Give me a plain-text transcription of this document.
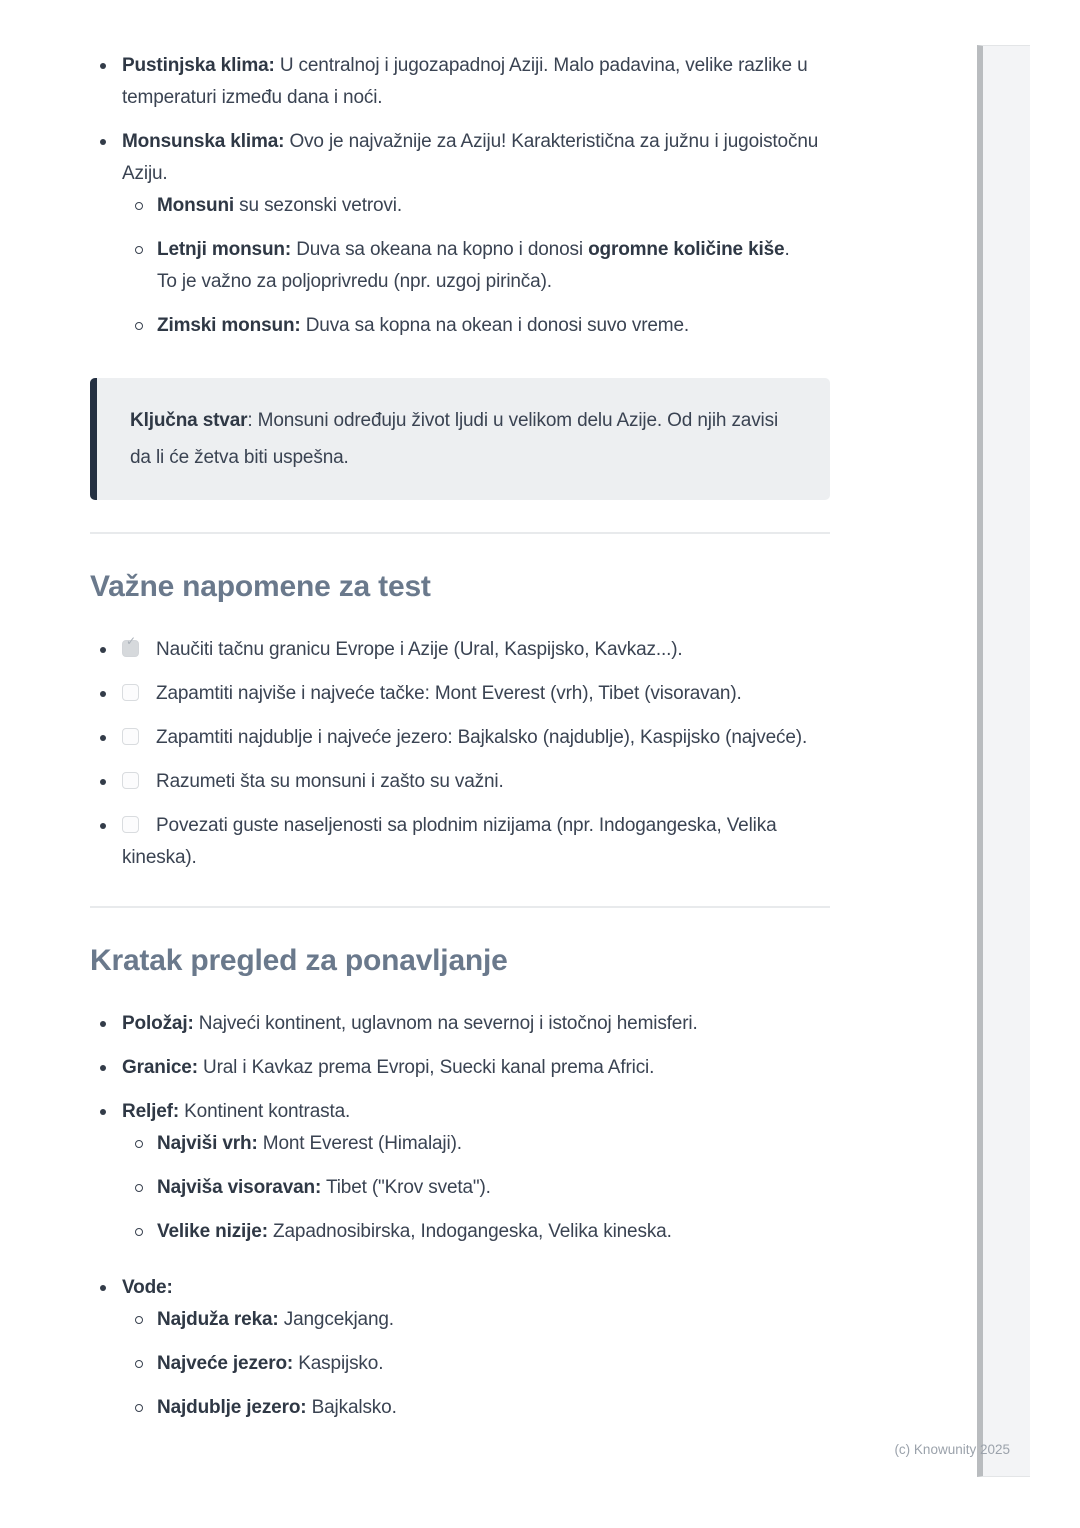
Pustinjska klima: U centralnoj i jugozapadnoj Aziji. Malo padavina, velike razlike u temperaturi između dana i noći.
Monsunska klima: Ovo je najvažnije za Aziju! Karakteristična za južnu i jugoistočnu Aziju.
Monsuni su sezonski vetrovi.
Letnji monsun: Duva sa okeana na kopno i donosi ogromne količine kiše. To je važno za poljoprivredu (npr. uzgoj pirinča).
Zimski monsun: Duva sa kopna na okean i donosi suvo vreme.
Ključna stvar: Monsuni određuju život ljudi u velikom delu Azije. Od njih zavisi da li će žetva biti uspešna.
Važne napomene za test
✓Naučiti tačnu granicu Evrope i Azije (Ural, Kaspijsko, Kavkaz...).
Zapamtiti najviše i najveće tačke: Mont Everest (vrh), Tibet (visoravan).
Zapamtiti najdublje i najveće jezero: Bajkalsko (najdublje), Kaspijsko (najveće).
Razumeti šta su monsuni i zašto su važni.
Povezati guste naseljenosti sa plodnim nizijama (npr. Indogangeska, Velika kineska).
Kratak pregled za ponavljanje
Položaj: Najveći kontinent, uglavnom na severnoj i istočnoj hemisferi.
Granice: Ural i Kavkaz prema Evropi, Suecki kanal prema Africi.
Reljef: Kontinent kontrasta.
Najviši vrh: Mont Everest (Himalaji).
Najviša visoravan: Tibet ("Krov sveta").
Velike nizije: Zapadnosibirska, Indogangeska, Velika kineska.
Vode:
Najduža reka: Jangcekjang.
Najveće jezero: Kaspijsko.
Najdublje jezero: Bajkalsko.
(c) Knowunity 2025
